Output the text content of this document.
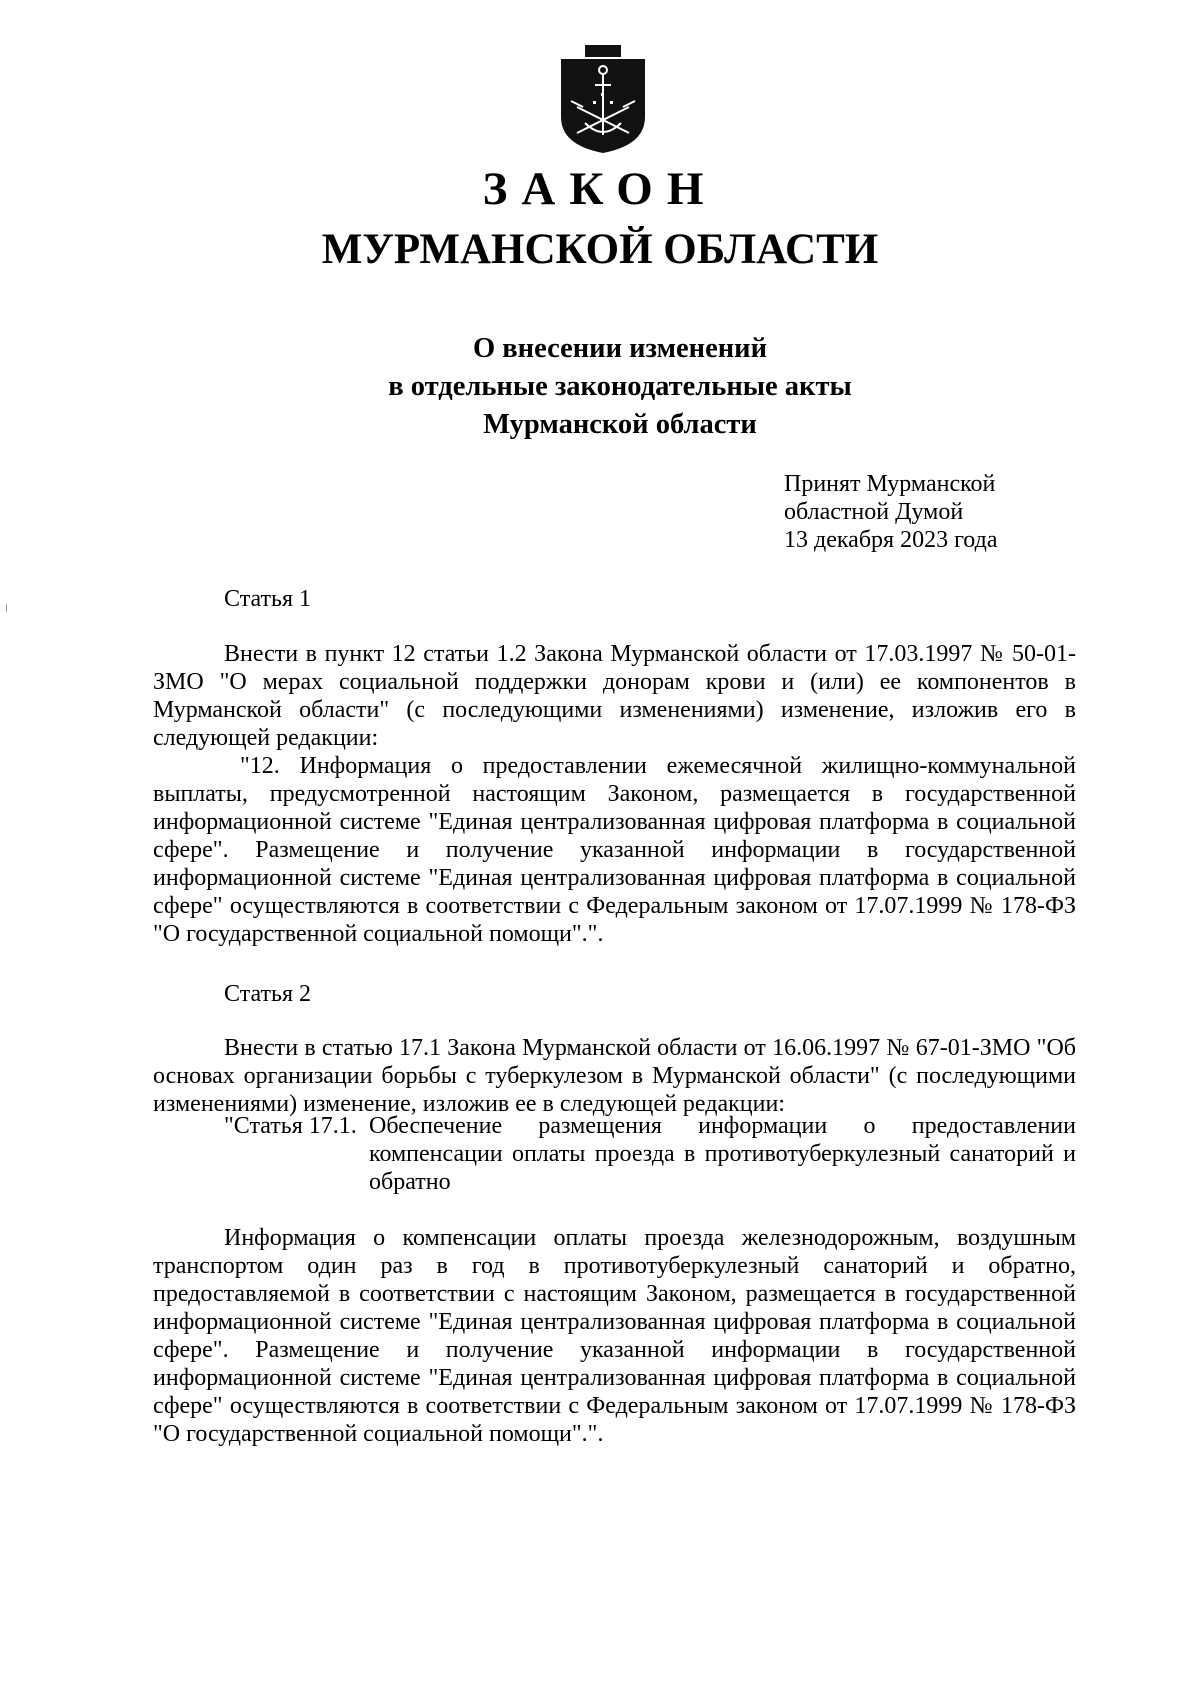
ЗАКОН
МУРМАНСКОЙ ОБЛАСТИ
О внесении изменений
в отдельные законодательные акты
Мурманской области
Принят Мурманской
областной Думой
13 декабря 2023 года
Статья 1

Внести в пункт 12 статьи 1.2 Закона Мурманской области от 17.03.1997 № 50-01-ЗМО "О мерах социальной поддержки донорам крови и (или) ее компонентов в Мурманской области" (с последующими изменениями) изменение, изложив его в следующей редакции:

"12. Информация о предоставлении ежемесячной жилищно-коммунальной выплаты, предусмотренной настоящим Законом, размещается в государственной информационной системе "Единая централизованная цифровая платформа в социальной сфере". Размещение и получение указанной информации в государственной информационной системе "Единая централизованная цифровая платформа в социальной сфере" осуществляются в соответствии с Федеральным законом от 17.07.1999 № 178-ФЗ "О государственной социальной помощи".".

Статья 2

Внести в статью 17.1 Закона Мурманской области от 16.06.1997 № 67-01-ЗМО "Об основах организации борьбы с туберкулезом в Мурманской области" (с последующими изменениями) изменение, изложив ее в следующей редакции:

"Статья 17.1. Обеспечение размещения информации о предоставлении компенсации оплаты проезда в противотуберкулезный санаторий и обратно

Информация о компенсации оплаты проезда железнодорожным, воздушным транспортом один раз в год в противотуберкулезный санаторий и обратно, предоставляемой в соответствии с настоящим Законом, размещается в государственной информационной системе "Единая централизованная цифровая платформа в социальной сфере". Размещение и получение указанной информации в государственной информационной системе "Единая централизованная цифровая платформа в социальной сфере" осуществляются в соответствии с Федеральным законом от 17.07.1999 № 178-ФЗ "О государственной социальной помощи".".
